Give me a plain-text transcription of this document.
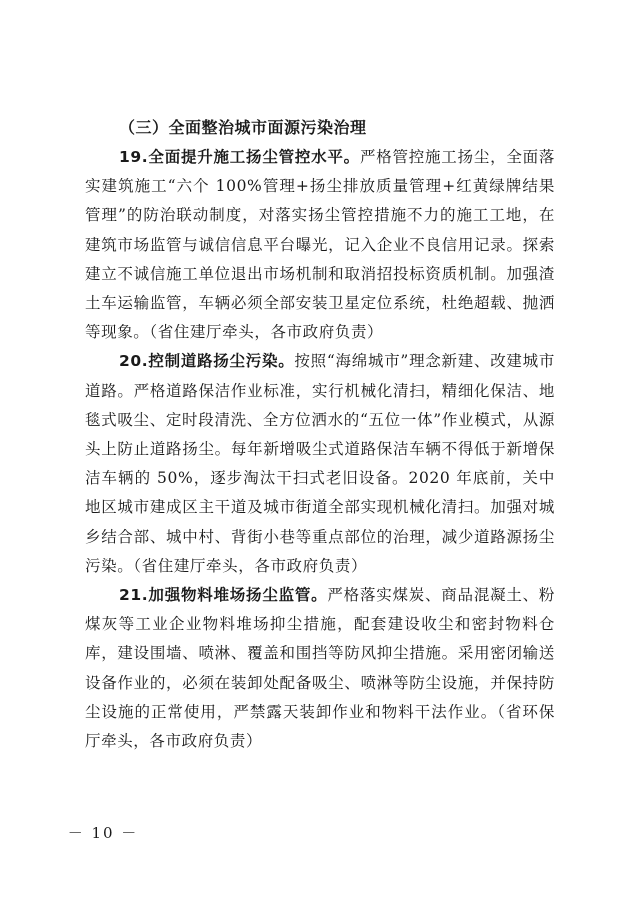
（三）全面整治城市面源污染治理

19.全面提升施工扬尘管控水平。严格管控施工扬尘，全面落实建筑施工“六个 100%管理+扬尘排放质量管理+红黄绿牌结果管理”的防治联动制度，对落实扬尘管控措施不力的施工工地，在建筑市场监管与诚信信息平台曝光，记入企业不良信用记录。探索建立不诚信施工单位退出市场机制和取消招投标资质机制。加强渣土车运输监管，车辆必须全部安装卫星定位系统，杜绝超载、抛洒等现象。（省住建厅牵头，各市政府负责）

20.控制道路扬尘污染。按照“海绵城市”理念新建、改建城市道路。严格道路保洁作业标准，实行机械化清扫，精细化保洁、地毯式吸尘、定时段清洗、全方位洒水的“五位一体”作业模式，从源头上防止道路扬尘。每年新增吸尘式道路保洁车辆不得低于新增保洁车辆的 50%，逐步淘汰干扫式老旧设备。2020 年底前，关中地区城市建成区主干道及城市街道全部实现机械化清扫。加强对城乡结合部、城中村、背街小巷等重点部位的治理，减少道路源扬尘污染。（省住建厅牵头，各市政府负责）

21.加强物料堆场扬尘监管。严格落实煤炭、商品混凝土、粉煤灰等工业企业物料堆场抑尘措施，配套建设收尘和密封物料仓库，建设围墙、喷淋、覆盖和围挡等防风抑尘措施。采用密闭输送设备作业的，必须在装卸处配备吸尘、喷淋等防尘设施，并保持防尘设施的正常使用，严禁露天装卸作业和物料干法作业。（省环保厅牵头，各市政府负责）

－ 10 －
